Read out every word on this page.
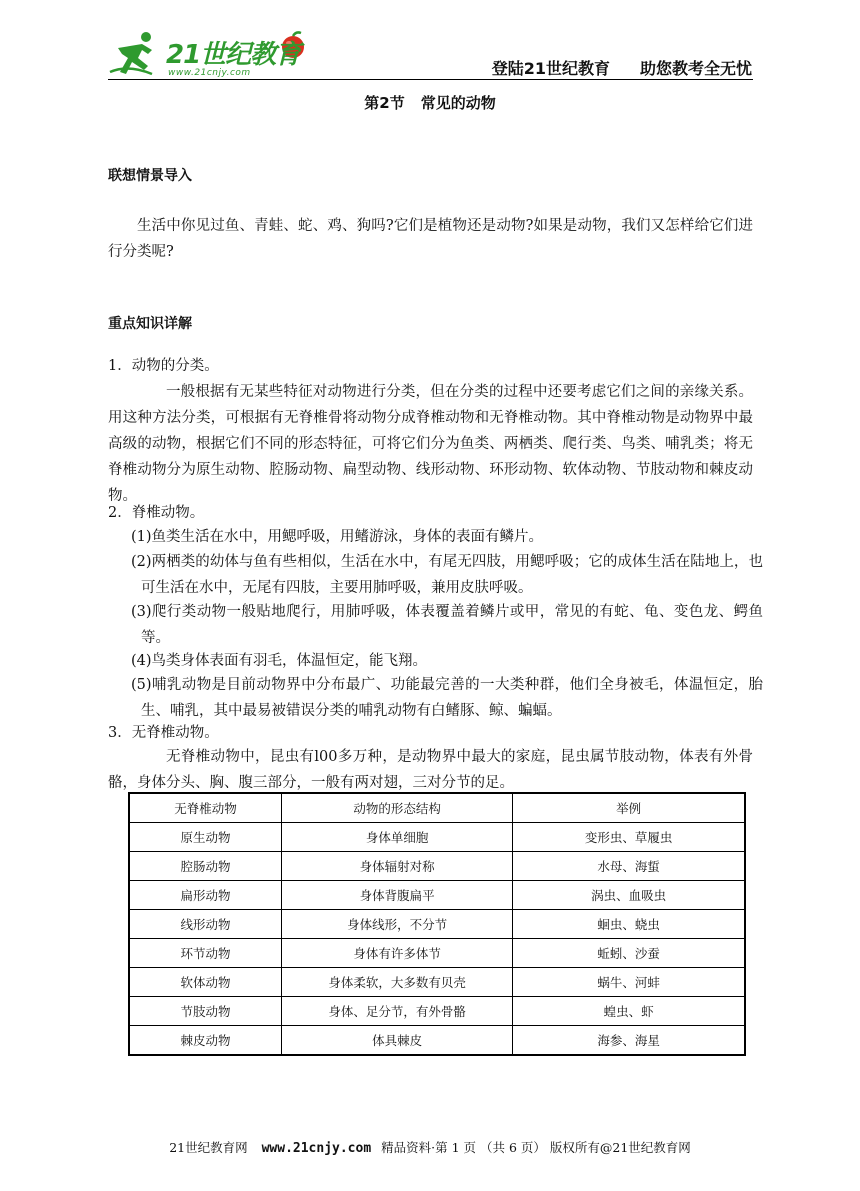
21世纪教育
www.21cnjy.com	登陆21世纪教育 助您教考全无忧
第2节 常见的动物
联想情景导入
生活中你见过鱼、青蛙、蛇、鸡、狗吗?它们是植物还是动物?如果是动物，我们又怎样给它们进行分类呢?
重点知识详解
1．动物的分类。
一般根据有无某些特征对动物进行分类，但在分类的过程中还要考虑它们之间的亲缘关系。用这种方法分类，可根据有无脊椎骨将动物分成脊椎动物和无脊椎动物。其中脊椎动物是动物界中最高级的动物，根据它们不同的形态特征，可将它们分为鱼类、两栖类、爬行类、鸟类、哺乳类；将无脊椎动物分为原生动物、腔肠动物、扁型动物、线形动物、环形动物、软体动物、节肢动物和棘皮动物。
2．脊椎动物。
(1)鱼类生活在水中，用鳃呼吸，用鳍游泳，身体的表面有鳞片。
(2)两栖类的幼体与鱼有些相似，生活在水中，有尾无四肢，用鳃呼吸；它的成体生活在陆地上，也可生活在水中，无尾有四肢，主要用肺呼吸，兼用皮肤呼吸。
(3)爬行类动物一般贴地爬行，用肺呼吸，体表覆盖着鳞片或甲，常见的有蛇、龟、变色龙、鳄鱼等。
(4)鸟类身体表面有羽毛，体温恒定，能飞翔。
(5)哺乳动物是目前动物界中分布最广、功能最完善的一大类种群，他们全身被毛，体温恒定，胎生、哺乳，其中最易被错误分类的哺乳动物有白鳍豚、鲸、蝙蝠。
3．无脊椎动物。
无脊椎动物中，昆虫有l00多万种，是动物界中最大的家庭，昆虫属节肢动物，体表有外骨骼，身体分头、胸、腹三部分，一般有两对翅，三对分节的足。
无脊椎动物	动物的形态结构	举例
原生动物	身体单细胞	变形虫、草履虫
腔肠动物	身体辐射对称	水母、海蜇
扁形动物	身体背腹扁平	涡虫、血吸虫
线形动物	身体线形，不分节	蛔虫、蛲虫
环节动物	身体有许多体节	蚯蚓、沙蚕
软体动物	身体柔软，大多数有贝壳	蜗牛、河蚌
节肢动物	身体、足分节，有外骨骼	蝗虫、虾
棘皮动物	体具棘皮	海参、海星
21世纪教育网 www.21cnjy.com 精品资料·第 1 页 （共 6 页） 版权所有@21世纪教育网
